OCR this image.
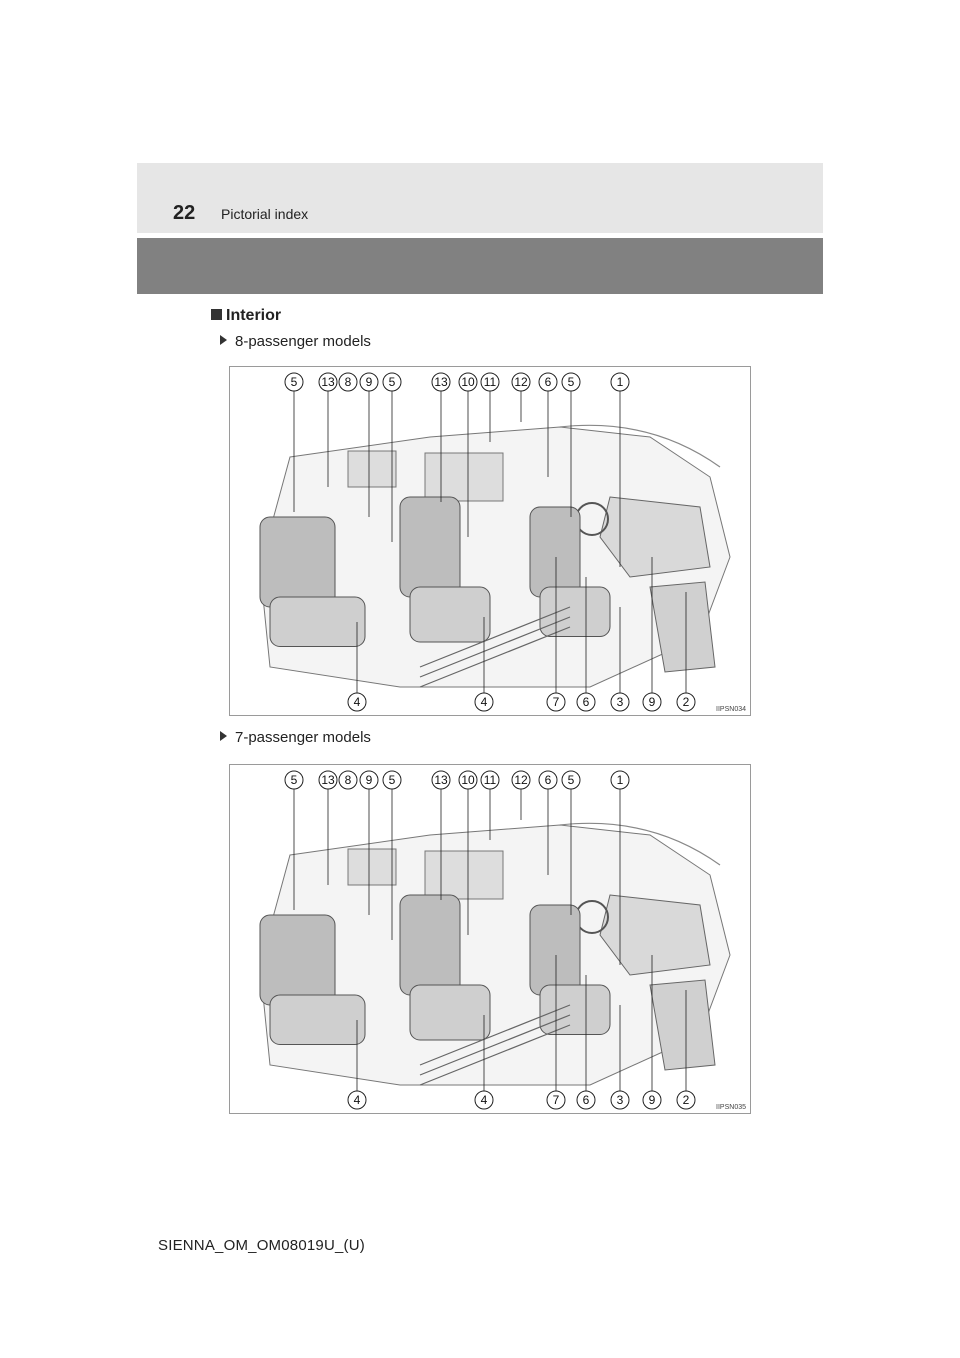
22 Pictorial index
Interior
8-passenger models
5 13 8 9 5	13 10 11 12 6 5	1
4	4	7 6 3 9 2
IIPSN034
7-passenger models
5 13 8 9 5	13 10 11 12 6 5	1
4	4	7 6 3 9 2
IIPSN035
SIENNA_OM_OM08019U_(U)
